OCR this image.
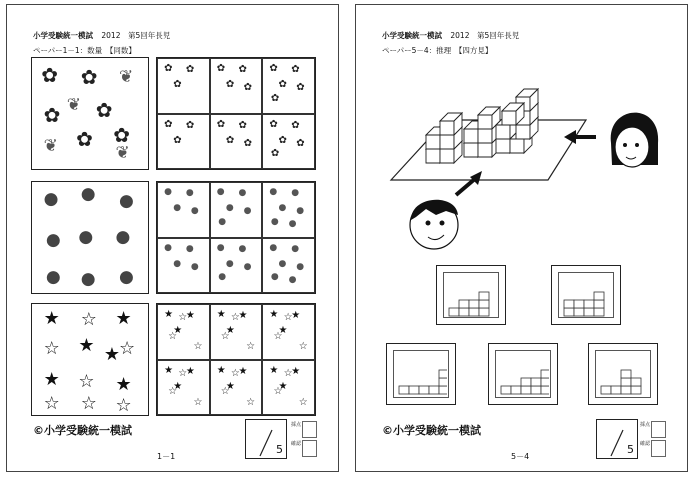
小学受験統一模試 2012　第5回年長児
ペーパー1－1：数量　【同数】
✿ ✿
✿ ✿
✿ ✿
❦
❦
❦	❦
✿ ✿
✿
✿ ✿
✿ ✿
✿ ✿
✿ ✿
✿
✿ ✿
✿
✿ ✿
✿ ✿
✿ ✿
✿ ✿
✿
● ● ●
● ● ●
● ● ●
● ●
● ●
● ●
● ●
●
● ●
● ●
● ●
● ●
● ●
● ●
● ●
●
● ●
● ●
● ●
★	★
★ ★
★	★
☆
☆	☆
☆
☆
☆	☆
★ ★
★
☆
☆
☆
★ ★
★
☆
☆
☆
★ ★
★
☆
☆
☆
★ ★
★
☆
☆
☆
★ ★
★
☆
☆
☆
★ ★
★
☆
☆
☆
©小学受験統一模試
1－1
5
採点
確認
小学受験統一模試 2012　第5回年長児
ペーパー5－4：推理　【四方見】
©小学受験統一模試
5－4
5
採点
確認
